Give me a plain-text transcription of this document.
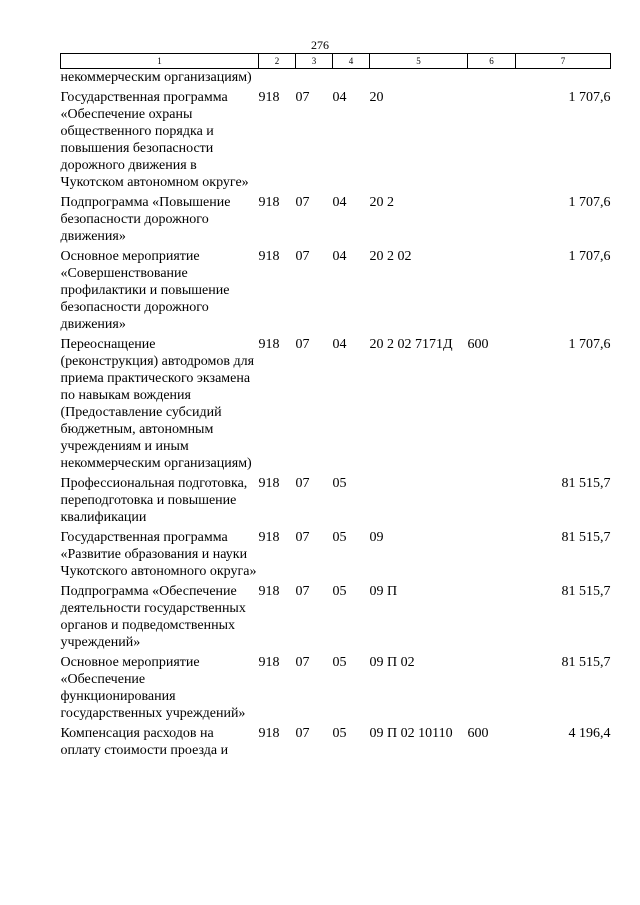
276
1	2	3	4	5	6	7
некоммерческим организациям)						
Государственная программа «Обеспечение охраны общественного порядка и повышения безопасности дорожного движения в Чукотском автономном округе»	918	07	04	20		1 707,6
Подпрограмма «Повышение безопасности дорожного движения»	918	07	04	20 2		1 707,6
Основное мероприятие «Совершенствование профилактики и повышение безопасности дорожного движения»	918	07	04	20 2 02		1 707,6
Переоснащение (реконструкция) автодромов для приема практического экзамена по навыкам вождения (Предоставление субсидий бюджетным, автономным учреждениям и иным некоммерческим организациям)	918	07	04	20 2 02 7171Д	600	1 707,6
Профессиональная подготовка, переподготовка и повышение квалификации	918	07	05			81 515,7
Государственная программа «Развитие образования и науки Чукотского автономного округа»	918	07	05	09		81 515,7
Подпрограмма «Обеспечение деятельности государственных органов и подведомственных учреждений»	918	07	05	09 П		81 515,7
Основное мероприятие «Обеспечение функционирования государственных учреждений»	918	07	05	09 П 02		81 515,7
Компенсация расходов на оплату стоимости проезда и	918	07	05	09 П 02 10110	600	4 196,4
